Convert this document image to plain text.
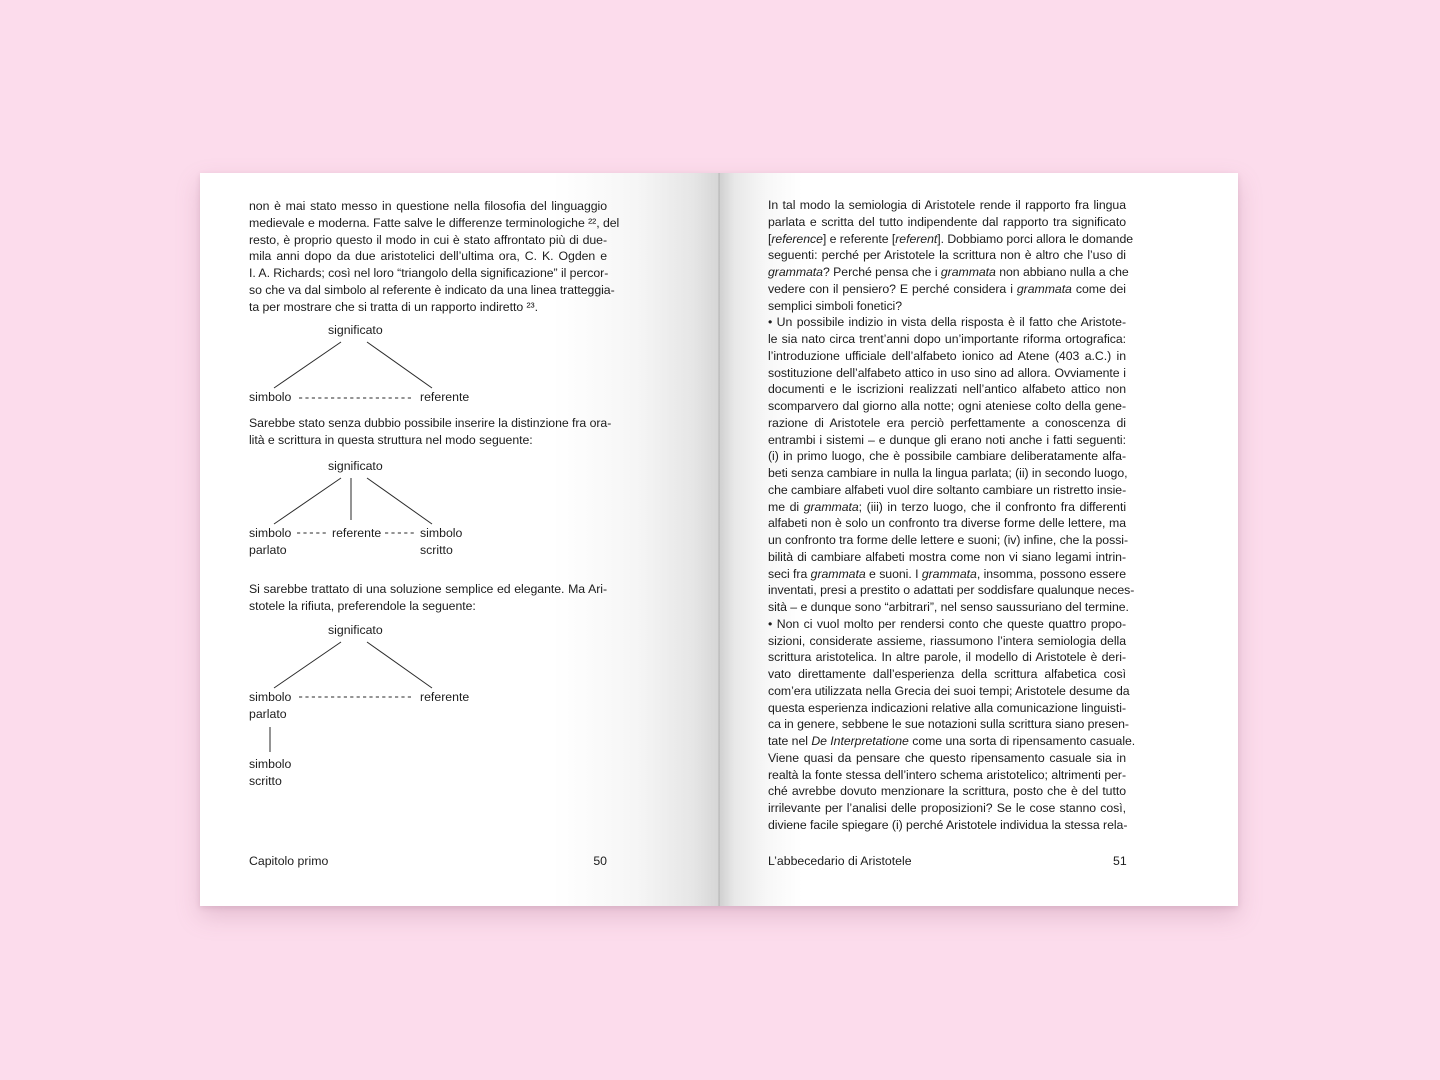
non è mai stato messo in questione nella filosofia del linguaggio
medievale e moderna. Fatte salve le differenze terminologiche ²², del
resto, è proprio questo il modo in cui è stato affrontato più di due-
mila anni dopo da due aristotelici dell’ultima ora, C. K. Ogden e
I. A. Richards; così nel loro “triangolo della significazione” il percor-
so che va dal simbolo al referente è indicato da una linea tratteggia-
ta per mostrare che si tratta di un rapporto indiretto ²³.

significato
simbolo	referente

Sarebbe stato senza dubbio possibile inserire la distinzione fra ora-
lità e scrittura in questa struttura nel modo seguente:

significato
simbolo
parlato
referente	simbolo
scritto

Si sarebbe trattato di una soluzione semplice ed elegante. Ma Ari-
stotele la rifiuta, preferendole la seguente:

significato
simbolo
parlato
referente
simbolo
scritto
Capitolo primo	50

In tal modo la semiologia di Aristotele rende il rapporto fra lingua
parlata e scritta del tutto indipendente dal rapporto tra significato
[reference] e referente [referent]. Dobbiamo porci allora le domande
seguenti: perché per Aristotele la scrittura non è altro che l’uso di
grammata? Perché pensa che i grammata non abbiano nulla a che
vedere con il pensiero? E perché considera i grammata come dei
semplici simboli fonetici?
• Un possibile indizio in vista della risposta è il fatto che Aristote-
le sia nato circa trent’anni dopo un’importante riforma ortografica:
l’introduzione ufficiale dell’alfabeto ionico ad Atene (403 a.C.) in
sostituzione dell’alfabeto attico in uso sino ad allora. Ovviamente i
documenti e le iscrizioni realizzati nell’antico alfabeto attico non
scomparvero dal giorno alla notte; ogni ateniese colto della gene-
razione di Aristotele era perciò perfettamente a conoscenza di
entrambi i sistemi – e dunque gli erano noti anche i fatti seguenti:
(i) in primo luogo, che è possibile cambiare deliberatamente alfa-
beti senza cambiare in nulla la lingua parlata; (ii) in secondo luogo,
che cambiare alfabeti vuol dire soltanto cambiare un ristretto insie-
me di grammata; (iii) in terzo luogo, che il confronto fra differenti
alfabeti non è solo un confronto tra diverse forme delle lettere, ma
un confronto tra forme delle lettere e suoni; (iv) infine, che la possi-
bilità di cambiare alfabeti mostra come non vi siano legami intrin-
seci fra grammata e suoni. I grammata, insomma, possono essere
inventati, presi a prestito o adattati per soddisfare qualunque neces-
sità – e dunque sono “arbitrari”, nel senso saussuriano del termine.
• Non ci vuol molto per rendersi conto che queste quattro propo-
sizioni, considerate assieme, riassumono l’intera semiologia della
scrittura aristotelica. In altre parole, il modello di Aristotele è deri-
vato direttamente dall’esperienza della scrittura alfabetica così
com’era utilizzata nella Grecia dei suoi tempi; Aristotele desume da
questa esperienza indicazioni relative alla comunicazione linguisti-
ca in genere, sebbene le sue notazioni sulla scrittura siano presen-
tate nel De Interpretatione come una sorta di ripensamento casuale.
Viene quasi da pensare che questo ripensamento casuale sia in
realtà la fonte stessa dell’intero schema aristotelico; altrimenti per-
ché avrebbe dovuto menzionare la scrittura, posto che è del tutto
irrilevante per l’analisi delle proposizioni? Se le cose stanno così,
diviene facile spiegare (i) perché Aristotele individua la stessa rela-

L’abbecedario di Aristotele	51
